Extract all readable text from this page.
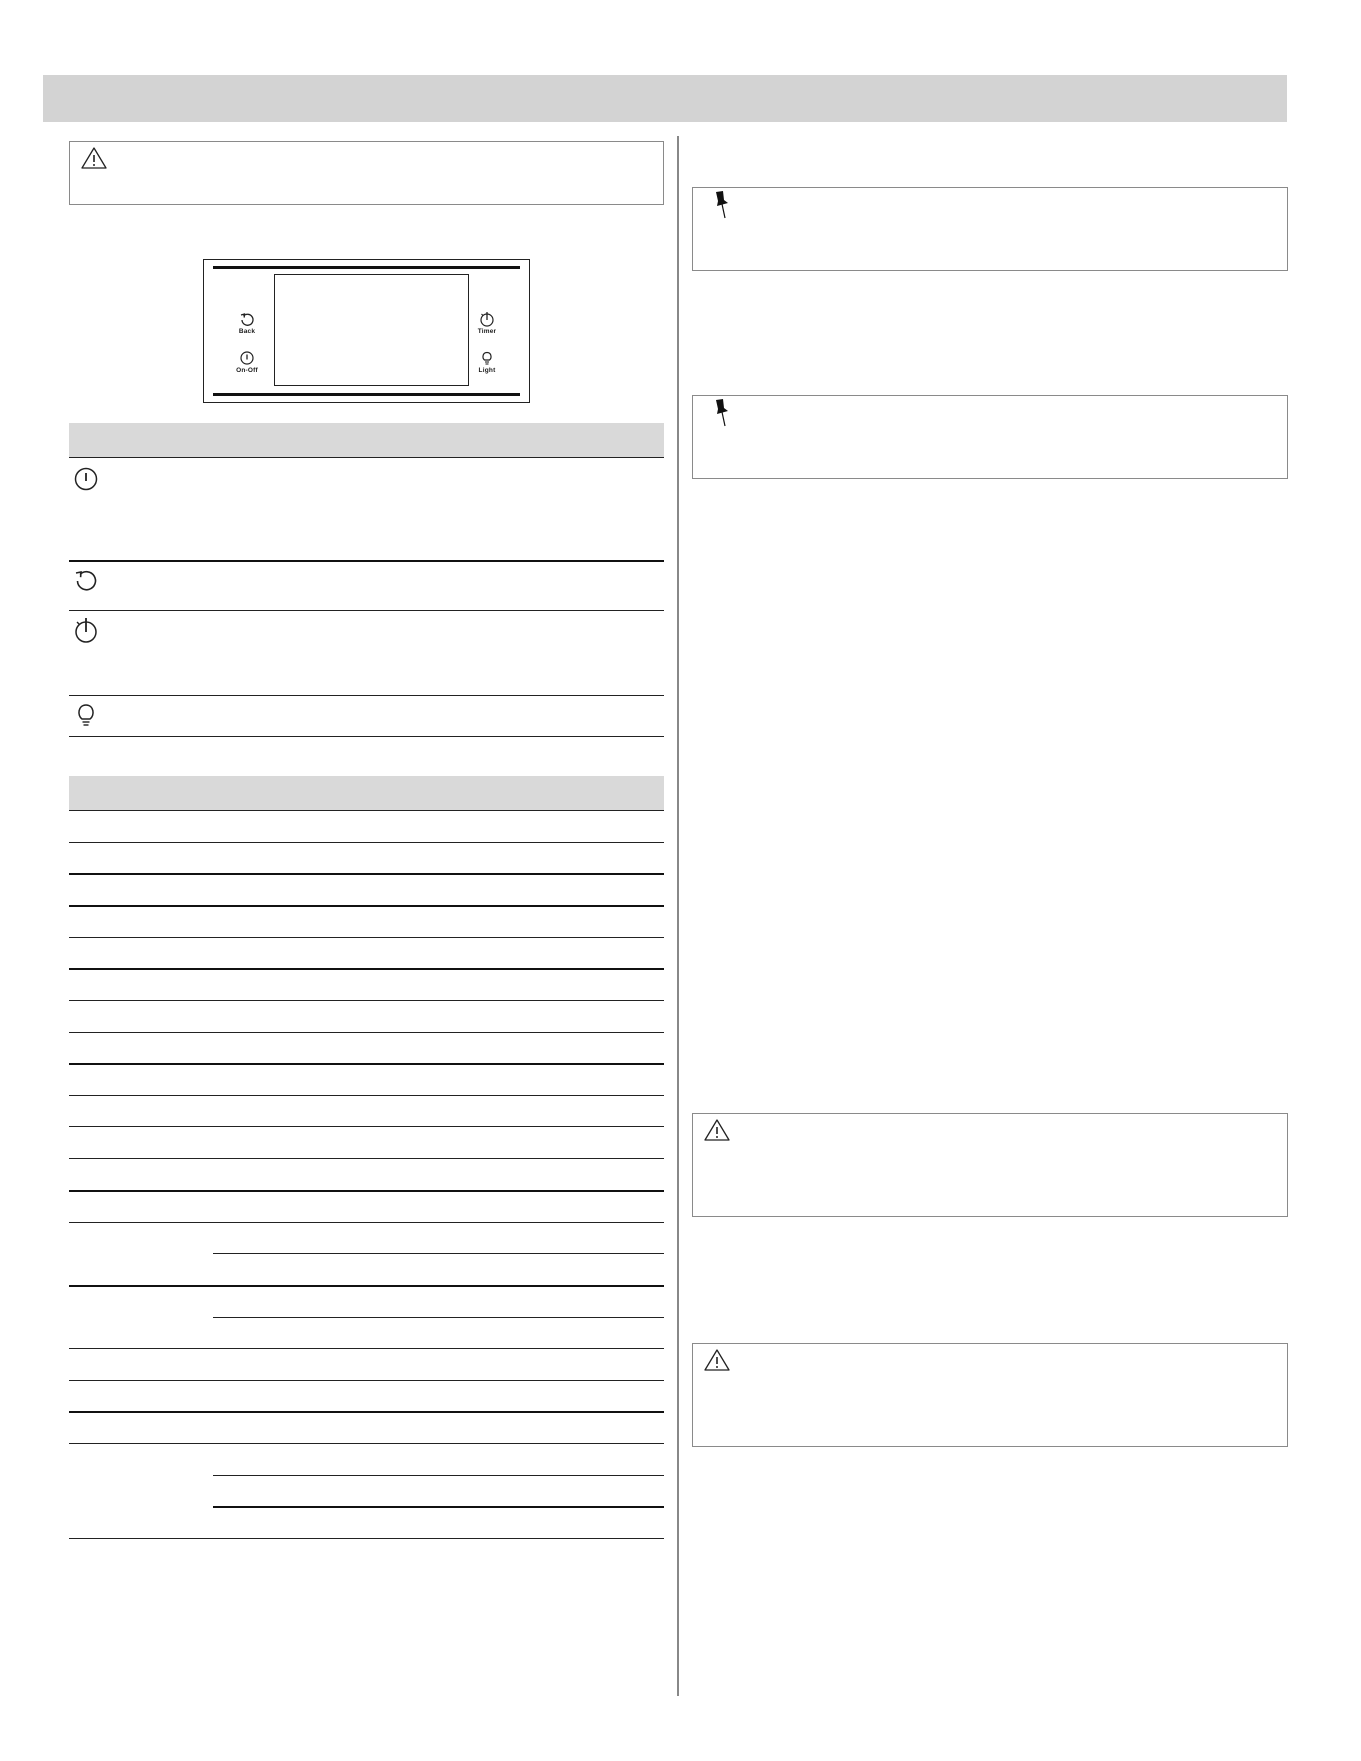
Back
On-Off
Timer
Light
